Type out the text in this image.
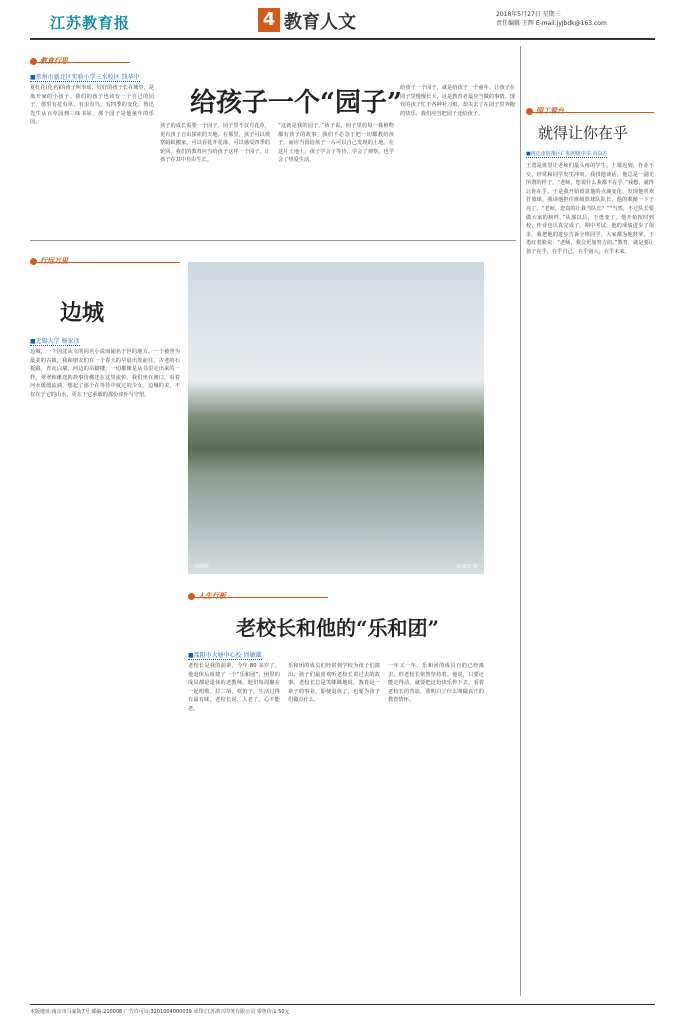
江苏教育报	4 教育人文	2018年5月27日 星期三
责任编辑 王辉 E-mail:jyjbdk@163.com
教育行思
给孩子一个“园子”
■常州市新北区实验小学三水校区 钱华中
夏红花(化名)的孩子叫李瑶，好好的孩子长在城里，是离开家的小孩子。我们的孩子也该有一个自己的园子，那里有花有草，有虫有鸟，有四季的变化。鲁迅先生从百草园到三味书屋，那个园子是他童年的乐园。
孩子的成长需要一个园子。园子里不仅有花草，更有孩子自由探索的天地。在那里，孩子可以观察蚂蚁搬家，可以看花开花落，可以感受四季的轮回。我们的教育应当给孩子这样一个园子，让孩子在其中自由生长。
“这就是我的园子。”孩子说。园子里的每一株植物都有孩子的故事。我们不必急于把一切都教给孩子，而应当留给孩子一片可以自己发现的土地。在这片土地上，孩子学会了等待，学会了观察，也学会了热爱生活。
给孩子一个园子，就是给孩子一个童年。让孩子在园子里慢慢长大，这是教育者最应当做的事情。现代的孩子忙于各种补习班，却失去了在园子里奔跑的快乐。我们应当把园子还给孩子。
行远万里
边城
■无锡大学 杨家彦
边城，一个因沈从文的同名小说而闻名于世的地方。一个被誉为最美的古镇，我和朋友们在一个春天的早晨出发前往。古老的石板路，青瓦白墙，河边的吊脚楼，一切都像是从书里走出来的一样。翠翠和傩送的故事仿佛还在这里流传。我们坐在渡口，看着河水缓缓流淌，想起了那个在等待中度过的少女。边城的美，不仅在于它的山水，更在于它承载的那份淳朴与守望。
沙滨村	杨家彦 摄
人生行板
老校长和他的“乐和团”
■溧阳市大塘中心校 周敏雄
老校长是我的前辈，今年 80 多岁了。他退休后组建了一个“乐和团”，团里的成员都是退休的老教师。他们每周聚在一起唱歌、拉二胡、吹笛子，生活过得有滋有味。老校长说，人老了，心不能老。
乐和团的成员们经常到学校为孩子们演出。孩子们最喜欢听老校长讲过去的故事。老校长总是笑眯眯地说，教育是一辈子的事业，即使退休了，也要为孩子们做点什么。
一年又一年，乐和团的成员有的已经离去，但老校长依然坚持着。他说，只要还能走得动，就要把这份快乐传下去。看着老校长的背影，我明白了什么叫做真正的教育情怀。
园丁看台
就得让你在乎
■宿迁市宿豫区仁和初级中学 冯以方
王勇是班里让老师们最头疼的学生。上课迟到，作业不交，经常和同学发生冲突。我找他谈话，他总是一副无所谓的样子。“老师，您说什么我都不在乎。”我想，就得让你在乎。于是我开始留意他的点滴变化，发现他喜欢打篮球。我请他担任班级篮球队队长，他的眼睛一下子亮了。“老师，您真的让我当队长？”“当然，不过队长要做大家的榜样。”从那以后，王勇变了。他开始按时到校，作业也认真完成了。期中考试，他的成绩进步了很多。我把他的进步告诉全班同学，大家都为他鼓掌。王勇红着脸说：“老师，我会更加努力的。”教育，就是要让孩子在乎，在乎自己，在乎别人，在乎未来。
本版地址:南京市马家街7号 邮编:210008 广告许可证:3201004000039 承印:江苏鸿兴印务有限公司 零售价:1.50元
